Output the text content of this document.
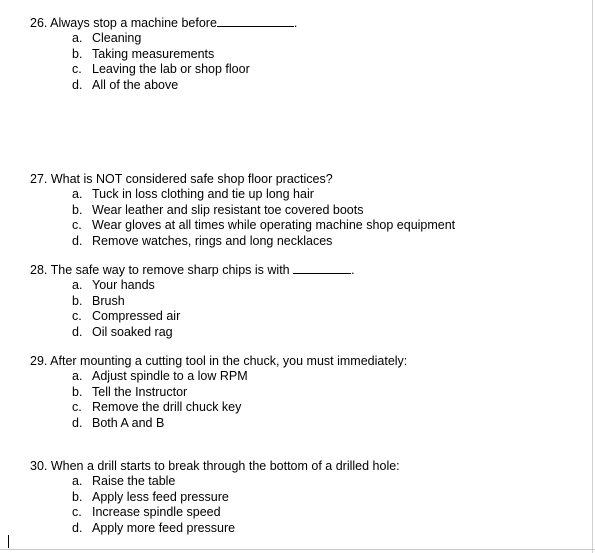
26. Always stop a machine before	.
a. Cleaning
b. Taking measurements
c. Leaving the lab or shop floor
d. All of the above
27. What is NOT considered safe shop floor practices?
a. Tuck in loss clothing and tie up long hair
b. Wear leather and slip resistant toe covered boots
c. Wear gloves at all times while operating machine shop equipment
d. Remove watches, rings and long necklaces
28. The safe way to remove sharp chips is with	.
a. Your hands
b. Brush
c. Compressed air
d. Oil soaked rag
29. After mounting a cutting tool in the chuck, you must immediately:
a. Adjust spindle to a low RPM
b. Tell the Instructor
c. Remove the drill chuck key
d. Both A and B
30. When a drill starts to break through the bottom of a drilled hole:
a. Raise the table
b. Apply less feed pressure
c. Increase spindle speed
d. Apply more feed pressure
